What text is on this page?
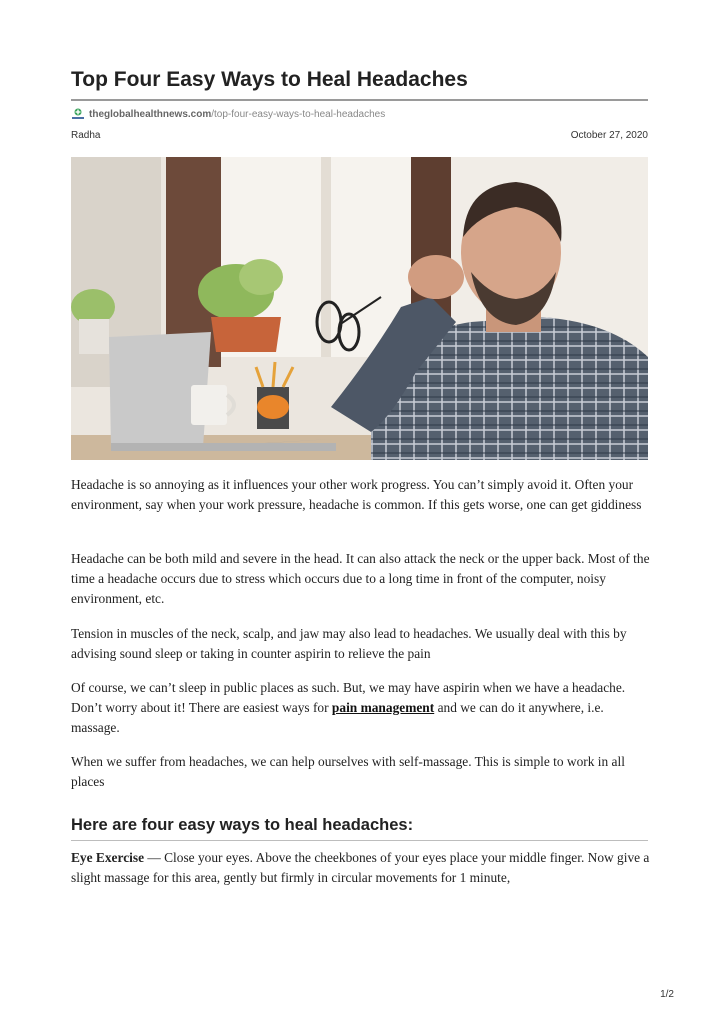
Top Four Easy Ways to Heal Headaches
theglobalhealthnews.com/top-four-easy-ways-to-heal-headaches
Radha	October 27, 2020

Headache is so annoying as it influences your other work progress. You can’t simply avoid it. Often your environment, say when your work pressure, headache is common. If this gets worse, one can get giddiness

Headache can be both mild and severe in the head. It can also attack the neck or the upper back. Most of the time a headache occurs due to stress which occurs due to a long time in front of the computer, noisy environment, etc.

Tension in muscles of the neck, scalp, and jaw may also lead to headaches. We usually deal with this by advising sound sleep or taking in counter aspirin to relieve the pain

Of course, we can’t sleep in public places as such. But, we may have aspirin when we have a headache. Don’t worry about it! There are easiest ways for pain management and we can do it anywhere, i.e. massage.

When we suffer from headaches, we can help ourselves with self-massage. This is simple to work in all places

Here are four easy ways to heal headaches:

Eye Exercise — Close your eyes. Above the cheekbones of your eyes place your middle finger. Now give a slight massage for this area, gently but firmly in circular movements for 1 minute,

1/2
